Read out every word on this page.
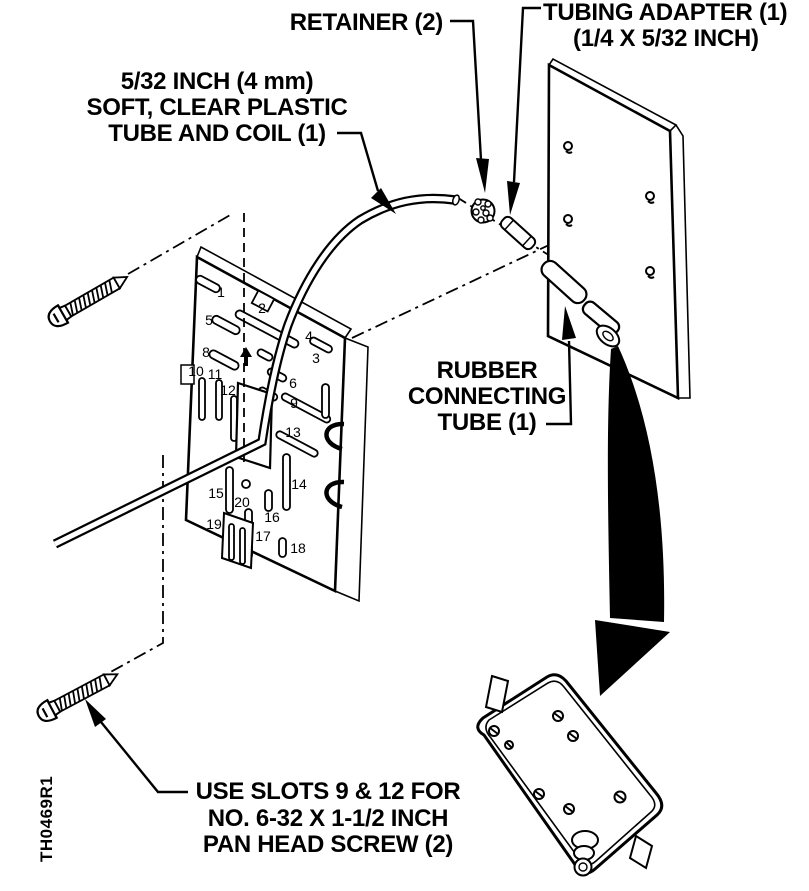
1
2
3
4
5
6
8
9
10 11
12
13
14
15
16
17
18
19
20
RETAINER (2)	TUBING ADAPTER (1)
(1/4 X 5/32 INCH)
5/32 INCH (4 mm)
SOFT, CLEAR PLASTIC
TUBE AND COIL (1)
RUBBER
CONNECTING
TUBE (1)
USE SLOTS 9 & 12 FOR
NO. 6-32 X 1-1/2 INCH
PAN HEAD SCREW (2)
TH0469R1
